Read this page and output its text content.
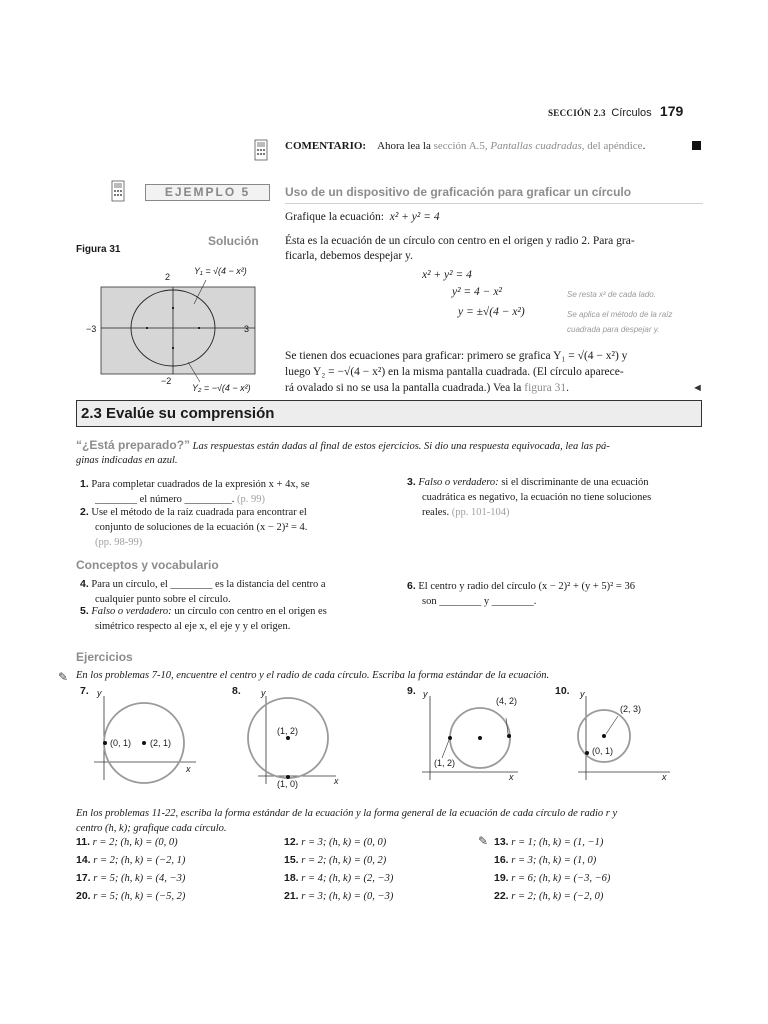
SECCIÓN 2.3 Círculos 179
COMENTARIO: Ahora lea la sección A.5, Pantallas cuadradas, del apéndice.
EJEMPLO 5	Uso de un dispositivo de graficación para graficar un círculo
Grafique la ecuación: x² + y² = 4
Solución Ésta es la ecuación de un círculo con centro en el origen y radio 2. Para gra-
ficarla, debemos despejar y.
x² + y² = 4
y² = 4 − x²
y = ±√(4 − x²)
Se resta x² de cada lado.
Se aplica el método de la raíz
cuadrada para despejar y.
Se tienen dos ecuaciones para graficar: primero se grafica Y₁ = √(4 − x²) y
luego Y₂ = −√(4 − x²) en la misma pantalla cuadrada. (El círculo aparece-
rá ovalado si no se usa la pantalla cuadrada.) Vea la figura 31.	◄
Figura 31
2
−2
−3	3
Y₁ = √(4 − x²)
Y₂ = −√(4 − x²)
2.3 Evalúe su comprensión
“¿Está preparado?” Las respuestas están dadas al final de estos ejercicios. Si dio una respuesta equivocada, lea las pá-
ginas indicadas en azul.
1. Para completar cuadrados de la expresión x + 4x, se
________ el número _________. (p. 99)
2. Use el método de la raíz cuadrada para encontrar el
conjunto de soluciones de la ecuación (x − 2)² = 4.
(pp. 98-99)
3. Falso o verdadero: si el discriminante de una ecuación
cuadrática es negativo, la ecuación no tiene soluciones
reales. (pp. 101-104)
Conceptos y vocabulario
4. Para un círculo, el ________ es la distancia del centro a
cualquier punto sobre el círculo.
5. Falso o verdadero: un círculo con centro en el origen es
simétrico respecto al eje x, el eje y y el origen.
6. El centro y radio del círculo (x − 2)² + (y + 5)² = 36
son ________ y ________.
Ejercicios
En los problemas 7-10, encuentre el centro y el radio de cada círculo. Escriba la forma estándar de la ecuación.
✎
7. y
x
(0, 1) (2, 1)
8. y
x
(1, 2)
(1, 0)
9. y
x
(4, 2)
(1, 2)
10. y
x
(2, 3)
(0, 1)
En los problemas 11-22, escriba la forma estándar de la ecuación y la forma general de la ecuación de cada círculo de radio r y
centro (h, k); grafique cada círculo.
✎
11. r = 2; (h, k) = (0, 0)	12. r = 3; (h, k) = (0, 0)	13. r = 1; (h, k) = (1, −1)
14. r = 2; (h, k) = (−2, 1)	15. r = 2; (h, k) = (0, 2)	16. r = 3; (h, k) = (1, 0)
17. r = 5; (h, k) = (4, −3)	18. r = 4; (h, k) = (2, −3)	19. r = 6; (h, k) = (−3, −6)
20. r = 5; (h, k) = (−5, 2)	21. r = 3; (h, k) = (0, −3)	22. r = 2; (h, k) = (−2, 0)
